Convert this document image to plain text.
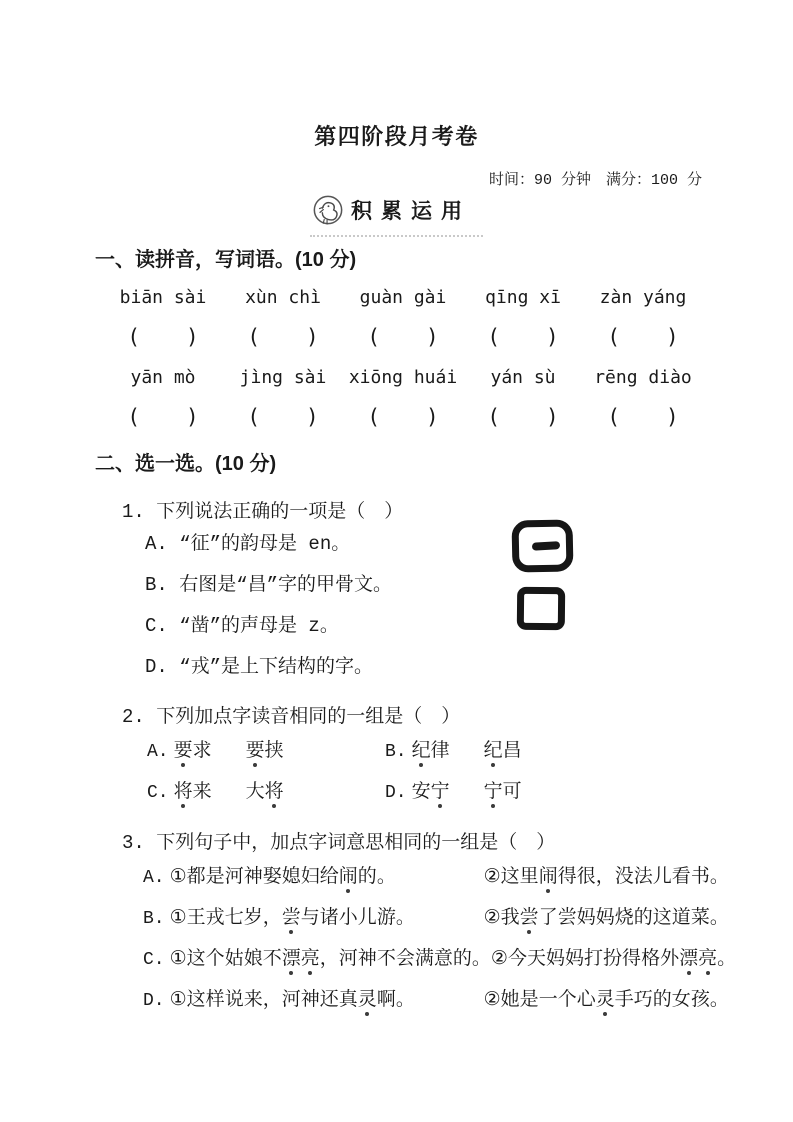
第四阶段月考卷
时间：90 分钟　满分：100 分
积累运用
一、读拼音，写词语。(10 分)
biān sài	xùn chì	guàn gài	qīng xī	zàn yáng
( ) ( ) ( ) ( ) ( )
yān mò	jìng sài	xiōng huái	yán sù	rēng diào
( ) ( ) ( ) ( ) ( )
二、选一选。(10 分)
1. 下列说法正确的一项是（　）
A. “征”的韵母是 en。
B. 右图是“昌”字的甲骨文。
C. “凿”的声母是 z。
D. “戎”是上下结构的字。
2. 下列加点字读音相同的一组是（　）
A. 要求 要挟	B. 纪律 纪昌
C. 将来 大将	D. 安宁 宁可
3. 下列句子中，加点字词意思相同的一组是（　）
A. ①都是河神娶媳妇给闹的。	②这里闹得很，没法儿看书。
B. ①王戎七岁，尝与诸小儿游。	②我尝了尝妈妈烧的这道菜。
C. ①这个姑娘不漂亮，河神不会满意的。 ②今天妈妈打扮得格外漂亮。
D. ①这样说来，河神还真灵啊。	②她是一个心灵手巧的女孩。
